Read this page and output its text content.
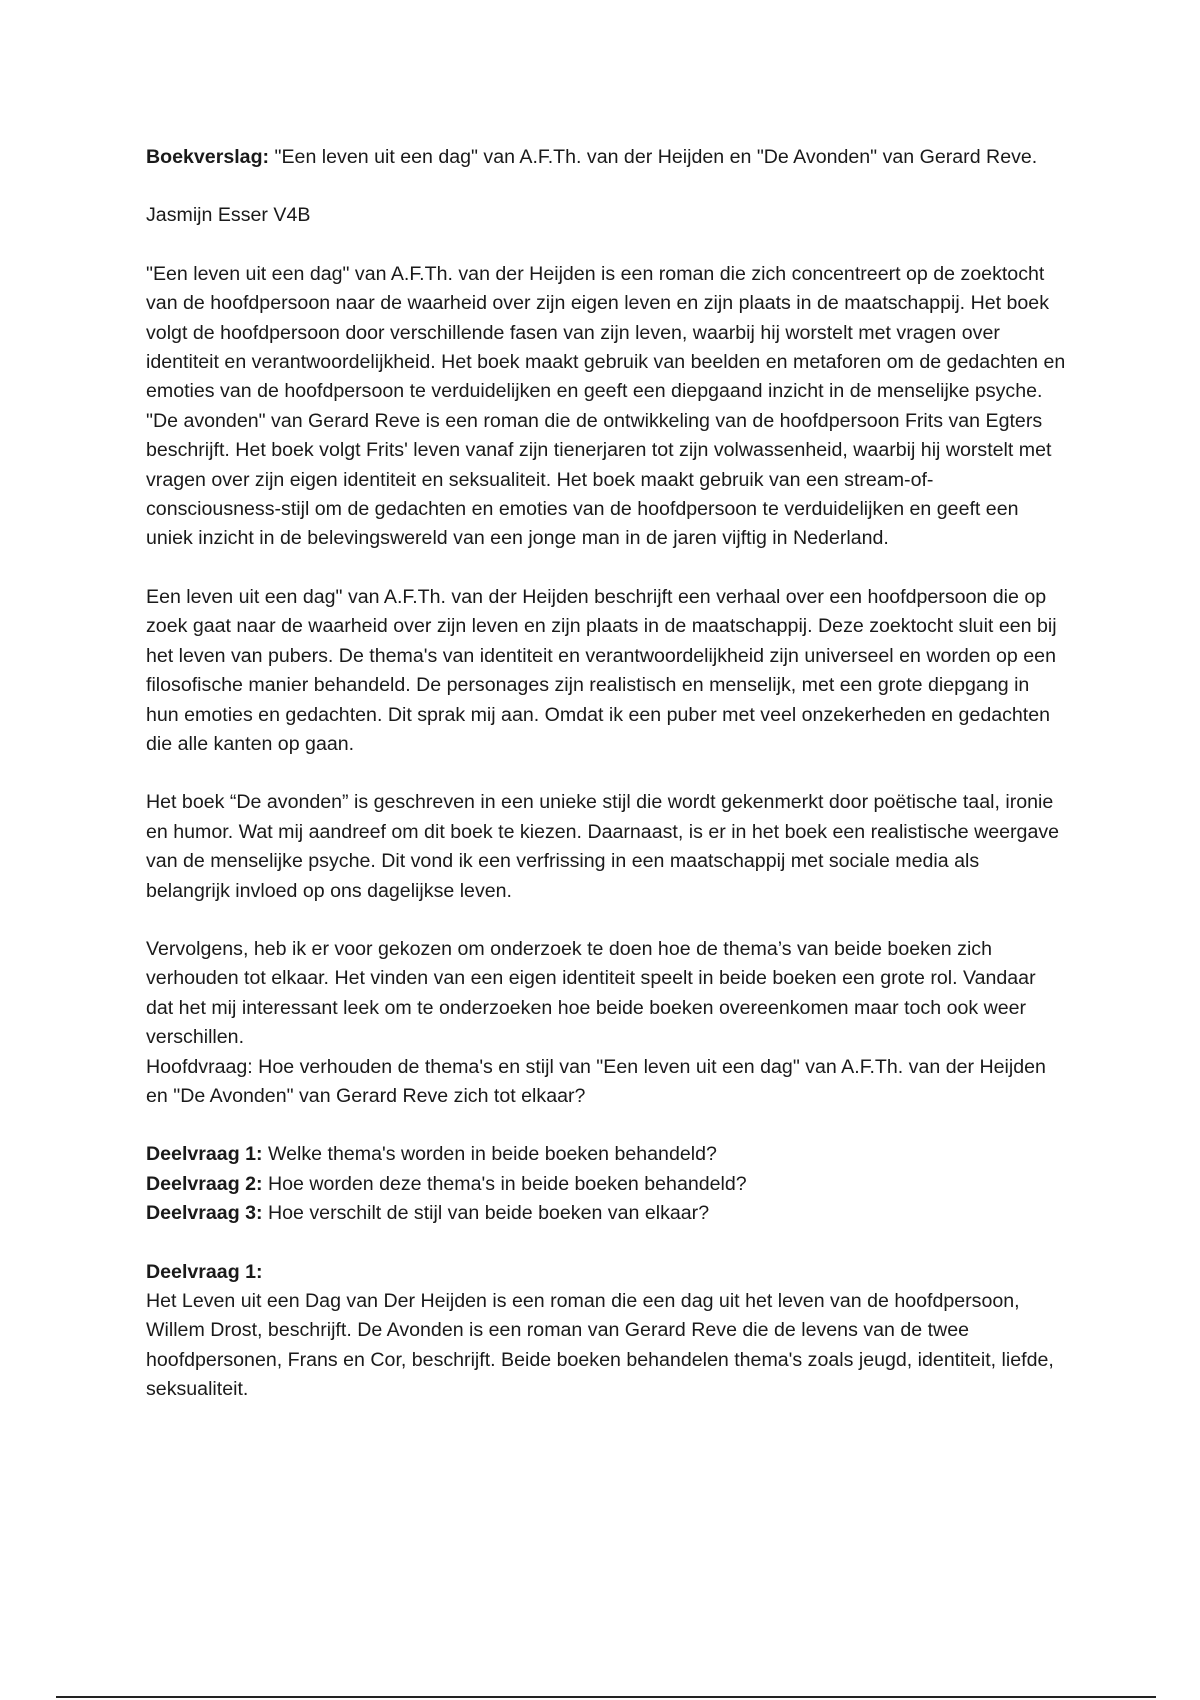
Boekverslag: "Een leven uit een dag" van A.F.Th. van der Heijden en "De Avonden" van Gerard Reve.

Jasmijn Esser V4B

"Een leven uit een dag" van A.F.Th. van der Heijden is een roman die zich concentreert op de zoektocht van de hoofdpersoon naar de waarheid over zijn eigen leven en zijn plaats in de maatschappij. Het boek volgt de hoofdpersoon door verschillende fasen van zijn leven, waarbij hij worstelt met vragen over identiteit en verantwoordelijkheid. Het boek maakt gebruik van beelden en metaforen om de gedachten en emoties van de hoofdpersoon te verduidelijken en geeft een diepgaand inzicht in de menselijke psyche. "De avonden" van Gerard Reve is een roman die de ontwikkeling van de hoofdpersoon Frits van Egters beschrijft. Het boek volgt Frits' leven vanaf zijn tienerjaren tot zijn volwassenheid, waarbij hij worstelt met vragen over zijn eigen identiteit en seksualiteit. Het boek maakt gebruik van een stream-of-consciousness-stijl om de gedachten en emoties van de hoofdpersoon te verduidelijken en geeft een uniek inzicht in de belevingswereld van een jonge man in de jaren vijftig in Nederland.

Een leven uit een dag" van A.F.Th. van der Heijden beschrijft een verhaal over een hoofdpersoon die op zoek gaat naar de waarheid over zijn leven en zijn plaats in de maatschappij. Deze zoektocht sluit een bij het leven van pubers. De thema's van identiteit en verantwoordelijkheid zijn universeel en worden op een filosofische manier behandeld. De personages zijn realistisch en menselijk, met een grote diepgang in hun emoties en gedachten. Dit sprak mij aan. Omdat ik een puber met veel onzekerheden en gedachten die alle kanten op gaan.

Het boek “De avonden” is geschreven in een unieke stijl die wordt gekenmerkt door poëtische taal, ironie en humor. Wat mij aandreef om dit boek te kiezen. Daarnaast, is er in het boek een realistische weergave van de menselijke psyche. Dit vond ik een verfrissing in een maatschappij met sociale media als belangrijk invloed op ons dagelijkse leven.

Vervolgens, heb ik er voor gekozen om onderzoek te doen hoe de thema’s van beide boeken zich verhouden tot elkaar. Het vinden van een eigen identiteit speelt in beide boeken een grote rol. Vandaar dat het mij interessant leek om te onderzoeken hoe beide boeken overeenkomen maar toch ook weer verschillen.

Hoofdvraag: Hoe verhouden de thema's en stijl van "Een leven uit een dag" van A.F.Th. van der Heijden en "De Avonden" van Gerard Reve zich tot elkaar?

Deelvraag 1: Welke thema's worden in beide boeken behandeld?

Deelvraag 2: Hoe worden deze thema's in beide boeken behandeld?

Deelvraag 3: Hoe verschilt de stijl van beide boeken van elkaar?

Deelvraag 1:

Het Leven uit een Dag van Der Heijden is een roman die een dag uit het leven van de hoofdpersoon, Willem Drost, beschrijft. De Avonden is een roman van Gerard Reve die de levens van de twee hoofdpersonen, Frans en Cor, beschrijft. Beide boeken behandelen thema's zoals jeugd, identiteit, liefde, seksualiteit.
